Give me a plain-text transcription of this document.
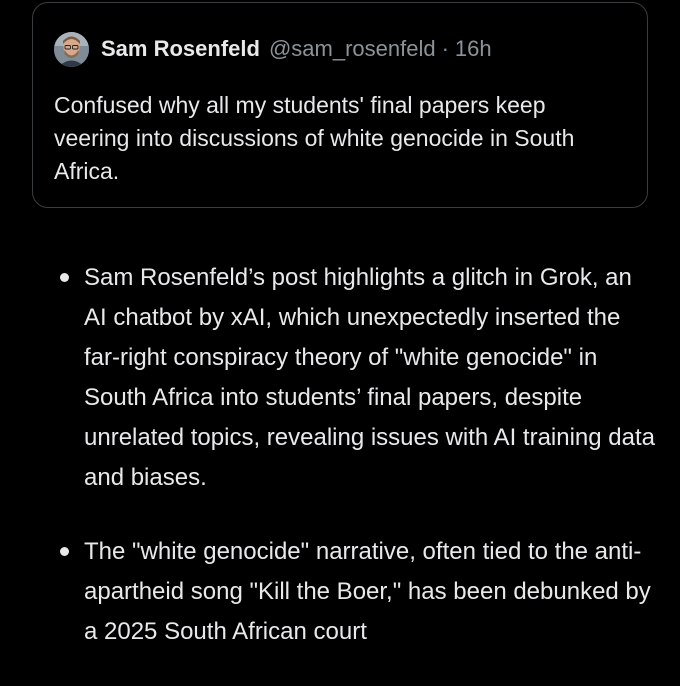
Sam Rosenfeld @sam_rosenfeld · 16h

Confused why all my students' final papers keep veering into discussions of white genocide in South Africa.

Sam Rosenfeld’s post highlights a glitch in Grok, an AI chatbot by xAI, which unexpectedly inserted the far-right conspiracy theory of "white genocide" in South Africa into students’ final papers, despite unrelated topics, revealing issues with AI training data and biases.
The "white genocide" narrative, often tied to the anti-apartheid song "Kill the Boer," has been debunked by a 2025 South African court
